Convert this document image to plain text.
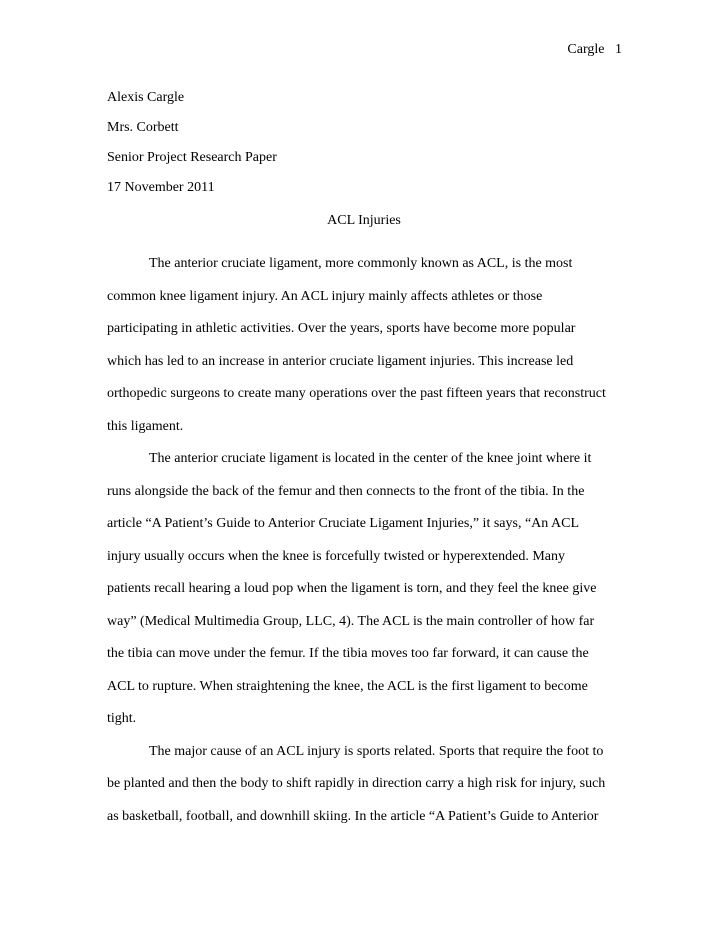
Cargle 1
Alexis Cargle
Mrs. Corbett
Senior Project Research Paper
17 November 2011
ACL Injuries
The anterior cruciate ligament, more commonly known as ACL, is the most
common knee ligament injury. An ACL injury mainly affects athletes or those
participating in athletic activities. Over the years, sports have become more popular
which has led to an increase in anterior cruciate ligament injuries. This increase led
orthopedic surgeons to create many operations over the past fifteen years that reconstruct
this ligament.
The anterior cruciate ligament is located in the center of the knee joint where it
runs alongside the back of the femur and then connects to the front of the tibia. In the
article “A Patient’s Guide to Anterior Cruciate Ligament Injuries,” it says, “An ACL
injury usually occurs when the knee is forcefully twisted or hyperextended. Many
patients recall hearing a loud pop when the ligament is torn, and they feel the knee give
way” (Medical Multimedia Group, LLC, 4). The ACL is the main controller of how far
the tibia can move under the femur. If the tibia moves too far forward, it can cause the
ACL to rupture. When straightening the knee, the ACL is the first ligament to become
tight.
The major cause of an ACL injury is sports related. Sports that require the foot to
be planted and then the body to shift rapidly in direction carry a high risk for injury, such
as basketball, football, and downhill skiing. In the article “A Patient’s Guide to Anterior
